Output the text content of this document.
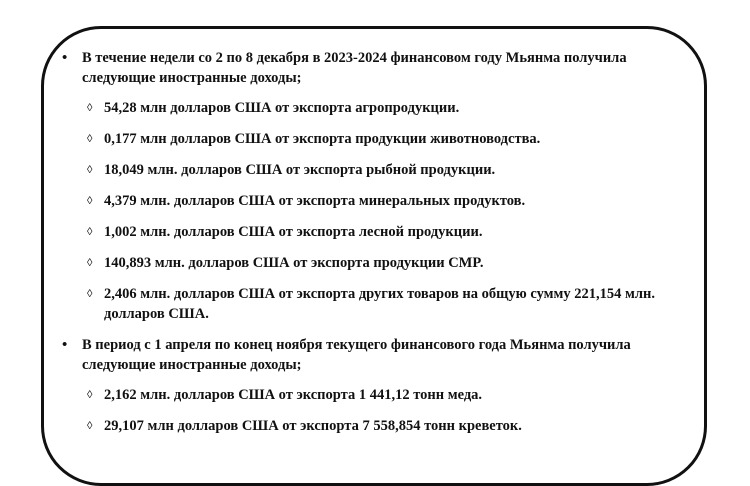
•	В течение недели со 2 по 8 декабря в 2023-2024 финансовом году Мьянма получила следующие иностранные доходы;
◊ 54,28 млн долларов США от экспорта агропродукции.
◊ 0,177 млн долларов США от экспорта продукции животноводства.
◊ 18,049 млн. долларов США от экспорта рыбной продукции.
◊ 4,379 млн. долларов США от экспорта минеральных продуктов.
◊ 1,002 млн. долларов США от экспорта лесной продукции.
◊ 140,893 млн. долларов США от экспорта продукции CMP.
◊ 2,406 млн. долларов США от экспорта других товаров на общую сумму 221,154 млн. долларов США.
•	В период с 1 апреля по конец ноября текущего финансового года Мьянма получила следующие иностранные доходы;
◊ 2,162 млн. долларов США от экспорта 1 441,12 тонн меда.
◊ 29,107 млн долларов США от экспорта 7 558,854 тонн креветок.
